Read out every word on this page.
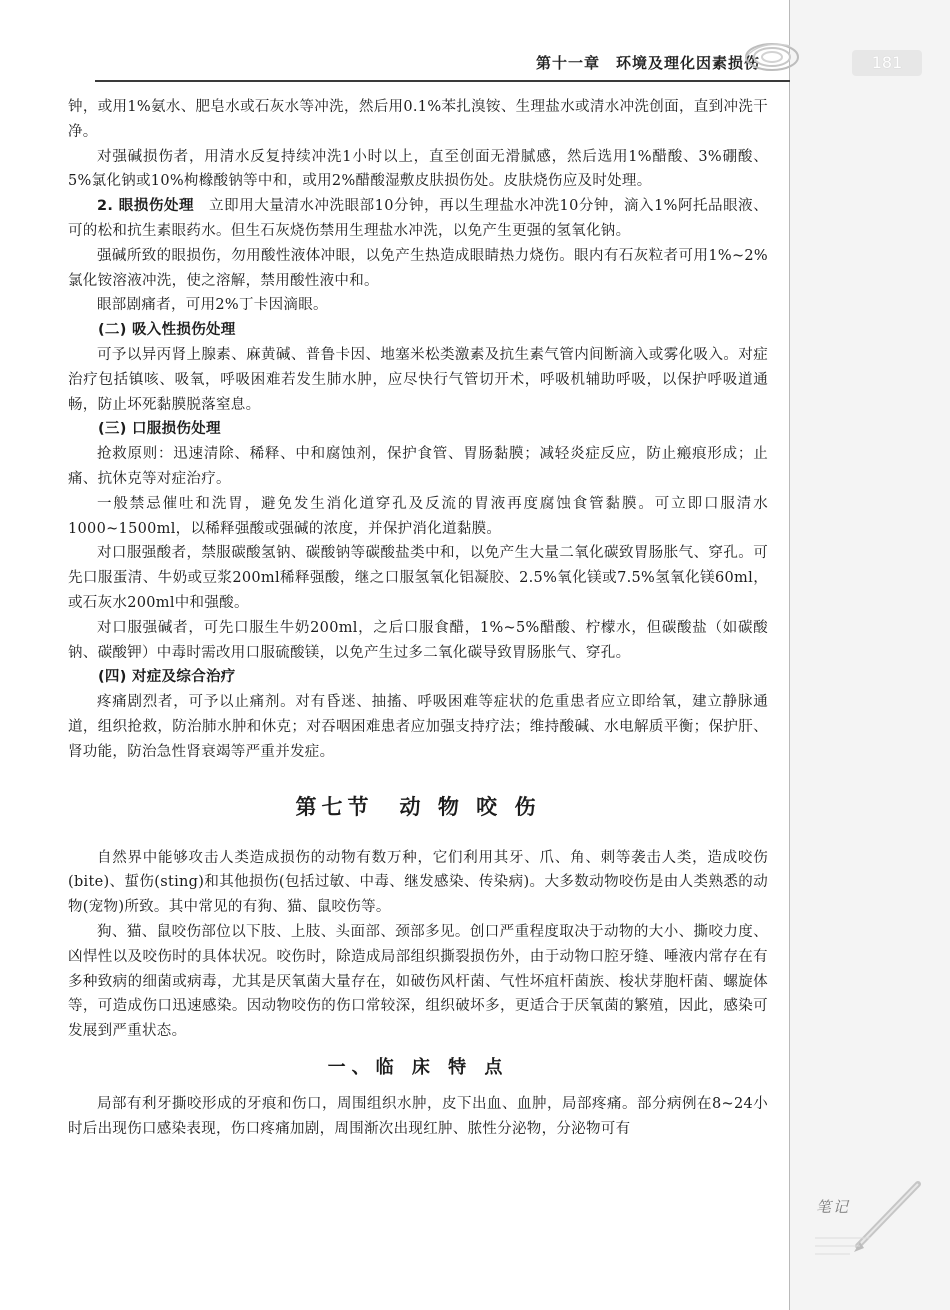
第十一章　环境及理化因素损伤	181

钟，或用1%氨水、肥皂水或石灰水等冲洗，然后用0.1%苯扎溴铵、生理盐水或清水冲洗创面，直到冲洗干净。

对强碱损伤者，用清水反复持续冲洗1小时以上，直至创面无滑腻感，然后选用1%醋酸、3%硼酸、5%氯化钠或10%枸橼酸钠等中和，或用2%醋酸湿敷皮肤损伤处。皮肤烧伤应及时处理。

2. 眼损伤处理　 立即用大量清水冲洗眼部10分钟，再以生理盐水冲洗10分钟，滴入1%阿托品眼液、可的松和抗生素眼药水。但生石灰烧伤禁用生理盐水冲洗，以免产生更强的氢氧化钠。

强碱所致的眼损伤，勿用酸性液体冲眼，以免产生热造成眼睛热力烧伤。眼内有石灰粒者可用1%~2%氯化铵溶液冲洗，使之溶解，禁用酸性液中和。

眼部剧痛者，可用2%丁卡因滴眼。

(二) 吸入性损伤处理

可予以异丙肾上腺素、麻黄碱、普鲁卡因、地塞米松类激素及抗生素气管内间断滴入或雾化吸入。对症治疗包括镇咳、吸氧，呼吸困难若发生肺水肿，应尽快行气管切开术，呼吸机辅助呼吸，以保护呼吸道通畅，防止坏死黏膜脱落窒息。

(三) 口服损伤处理

抢救原则：迅速清除、稀释、中和腐蚀剂，保护食管、胃肠黏膜；减轻炎症反应，防止瘢痕形成；止痛、抗休克等对症治疗。

一般禁忌催吐和洗胃，避免发生消化道穿孔及反流的胃液再度腐蚀食管黏膜。可立即口服清水1000~1500ml，以稀释强酸或强碱的浓度，并保护消化道黏膜。

对口服强酸者，禁服碳酸氢钠、碳酸钠等碳酸盐类中和，以免产生大量二氧化碳致胃肠胀气、穿孔。可先口服蛋清、牛奶或豆浆200ml稀释强酸，继之口服氢氧化铝凝胶、2.5%氧化镁或7.5%氢氧化镁60ml，或石灰水200ml中和强酸。

对口服强碱者，可先口服生牛奶200ml，之后口服食醋，1%~5%醋酸、柠檬水，但碳酸盐（如碳酸钠、碳酸钾）中毒时需改用口服硫酸镁，以免产生过多二氧化碳导致胃肠胀气、穿孔。

(四) 对症及综合治疗

疼痛剧烈者，可予以止痛剂。对有昏迷、抽搐、呼吸困难等症状的危重患者应立即给氧，建立静脉通道，组织抢救，防治肺水肿和休克；对吞咽困难患者应加强支持疗法；维持酸碱、水电解质平衡；保护肝、肾功能，防治急性肾衰竭等严重并发症。

第七节　动 物 咬 伤

自然界中能够攻击人类造成损伤的动物有数万种，它们利用其牙、爪、角、刺等袭击人类，造成咬伤(bite)、蜇伤(sting)和其他损伤(包括过敏、中毒、继发感染、传染病)。大多数动物咬伤是由人类熟悉的动物(宠物)所致。其中常见的有狗、猫、鼠咬伤等。

狗、猫、鼠咬伤部位以下肢、上肢、头面部、颈部多见。创口严重程度取决于动物的大小、撕咬力度、凶悍性以及咬伤时的具体状况。咬伤时，除造成局部组织撕裂损伤外，由于动物口腔牙缝、唾液内常存在有多种致病的细菌或病毒，尤其是厌氧菌大量存在，如破伤风杆菌、气性坏疽杆菌族、梭状芽胞杆菌、螺旋体等，可造成伤口迅速感染。因动物咬伤的伤口常较深，组织破坏多，更适合于厌氧菌的繁殖，因此，感染可发展到严重状态。

一、临 床 特 点

局部有利牙撕咬形成的牙痕和伤口，周围组织水肿，皮下出血、血肿，局部疼痛。部分病例在8~24小时后出现伤口感染表现，伤口疼痛加剧，周围渐次出现红肿、脓性分泌物，分泌物可有

笔记
